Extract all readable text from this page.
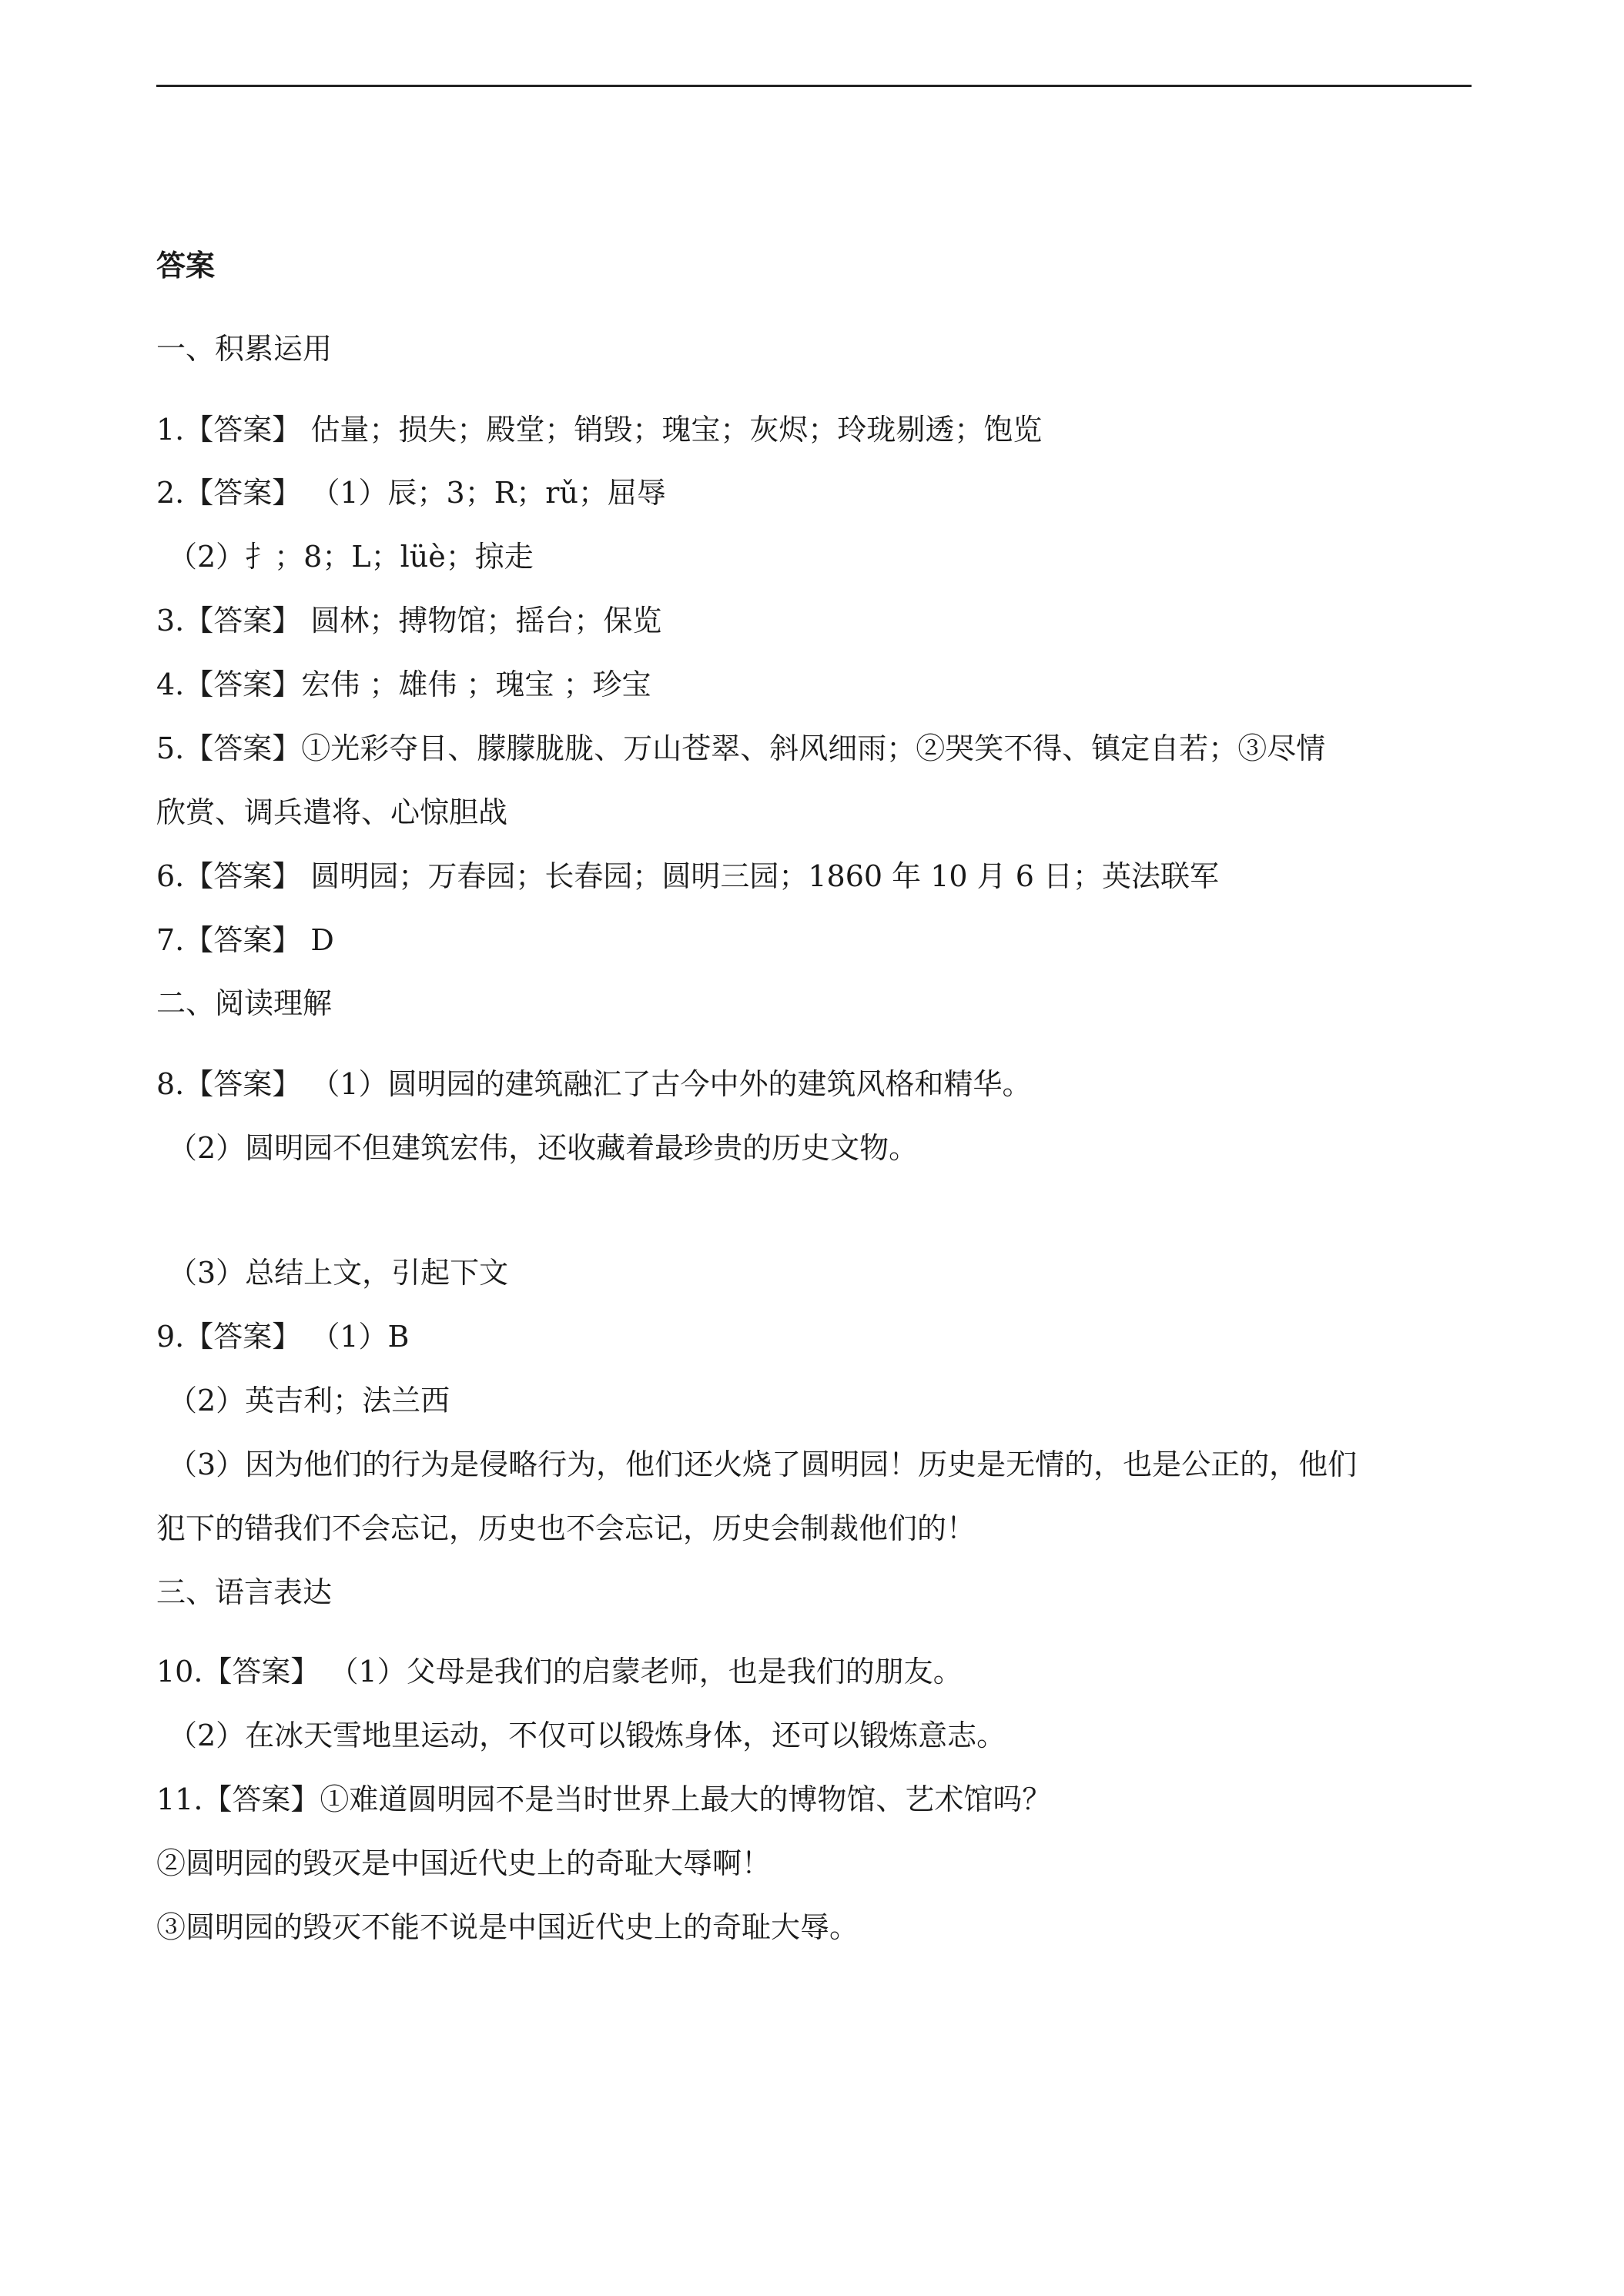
答案
一、积累运用
1.【答案】 估量；损失；殿堂；销毁；瑰宝；灰烬；玲珑剔透；饱览
2.【答案】 （1）辰；3；R；rǔ；屈辱
（2）扌；8；L；lüè；掠走
3.【答案】 圆林；搏物馆；摇台；保览
4.【答案】宏伟 ；雄伟 ；瑰宝 ；珍宝
5.【答案】①光彩夺目、朦朦胧胧、万山苍翠、斜风细雨；②哭笑不得、镇定自若；③尽情
欣赏、调兵遣将、心惊胆战
6.【答案】 圆明园；万春园；长春园；圆明三园；1860 年 10 月 6 日；英法联军
7.【答案】 D
二、阅读理解
8.【答案】 （1）圆明园的建筑融汇了古今中外的建筑风格和精华。
（2）圆明园不但建筑宏伟，还收藏着最珍贵的历史文物。
（3）总结上文，引起下文
9.【答案】 （1）B
（2）英吉利；法兰西
（3）因为他们的行为是侵略行为，他们还火烧了圆明园！历史是无情的，也是公正的，他们
犯下的错我们不会忘记，历史也不会忘记，历史会制裁他们的！
三、语言表达
10.【答案】 （1）父母是我们的启蒙老师，也是我们的朋友。
（2）在冰天雪地里运动，不仅可以锻炼身体，还可以锻炼意志。
11.【答案】①难道圆明园不是当时世界上最大的博物馆、艺术馆吗？
②圆明园的毁灭是中国近代史上的奇耻大辱啊！
③圆明园的毁灭不能不说是中国近代史上的奇耻大辱。
